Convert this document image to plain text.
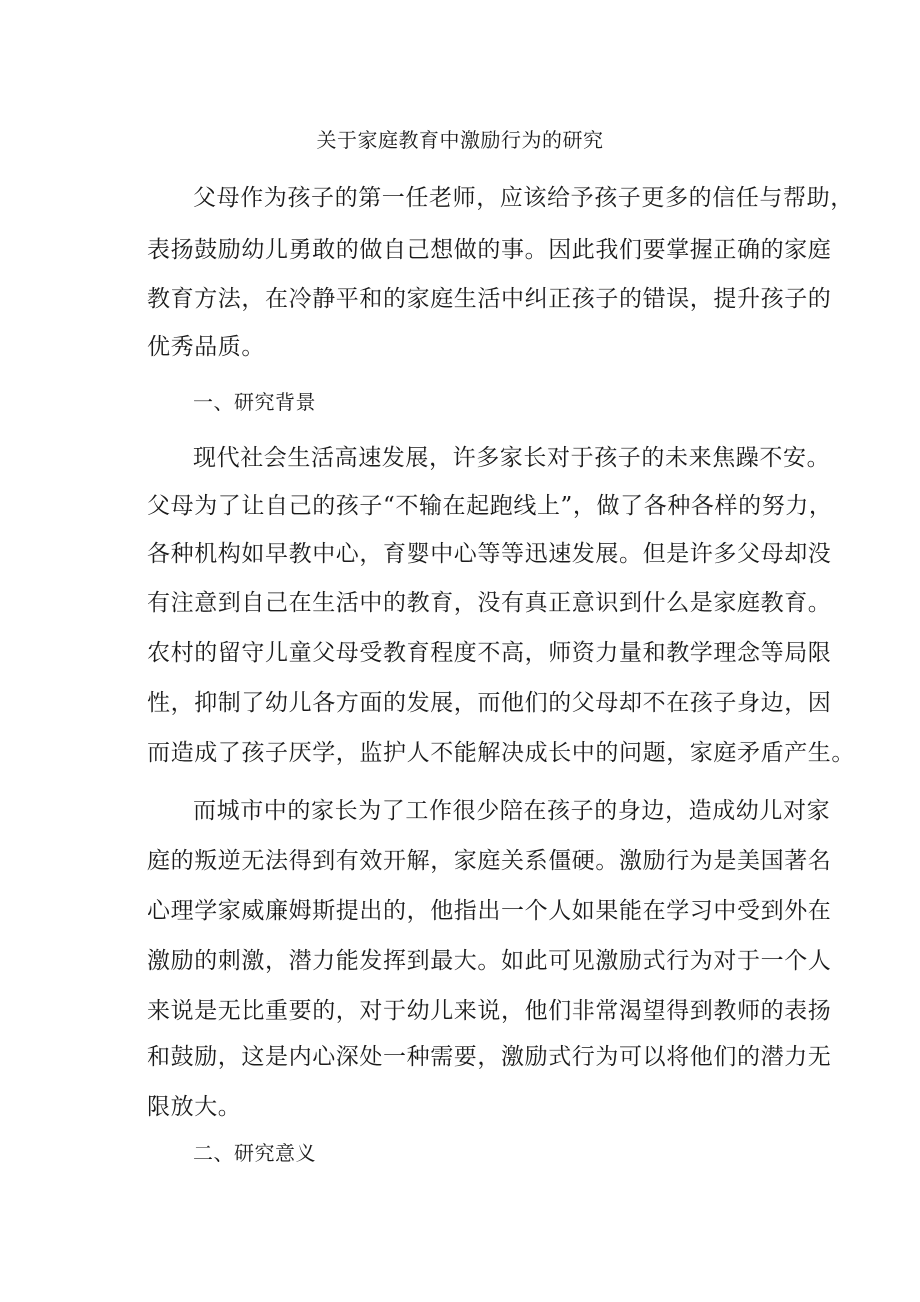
关于家庭教育中激励行为的研究
父母作为孩子的第一任老师，应该给予孩子更多的信任与帮助，
表扬鼓励幼儿勇敢的做自己想做的事。因此我们要掌握正确的家庭
教育方法，在冷静平和的家庭生活中纠正孩子的错误，提升孩子的
优秀品质。
一、研究背景
现代社会生活高速发展，许多家长对于孩子的未来焦躁不安。
父母为了让自己的孩子“不输在起跑线上”，做了各种各样的努力，
各种机构如早教中心，育婴中心等等迅速发展。但是许多父母却没
有注意到自己在生活中的教育，没有真正意识到什么是家庭教育。
农村的留守儿童父母受教育程度不高，师资力量和教学理念等局限
性，抑制了幼儿各方面的发展，而他们的父母却不在孩子身边，因
而造成了孩子厌学，监护人不能解决成长中的问题，家庭矛盾产生。
而城市中的家长为了工作很少陪在孩子的身边，造成幼儿对家
庭的叛逆无法得到有效开解，家庭关系僵硬。激励行为是美国著名
心理学家威廉姆斯提出的，他指出一个人如果能在学习中受到外在
激励的刺激，潜力能发挥到最大。如此可见激励式行为对于一个人
来说是无比重要的，对于幼儿来说，他们非常渴望得到教师的表扬
和鼓励，这是内心深处一种需要，激励式行为可以将他们的潜力无
限放大。
二、研究意义
